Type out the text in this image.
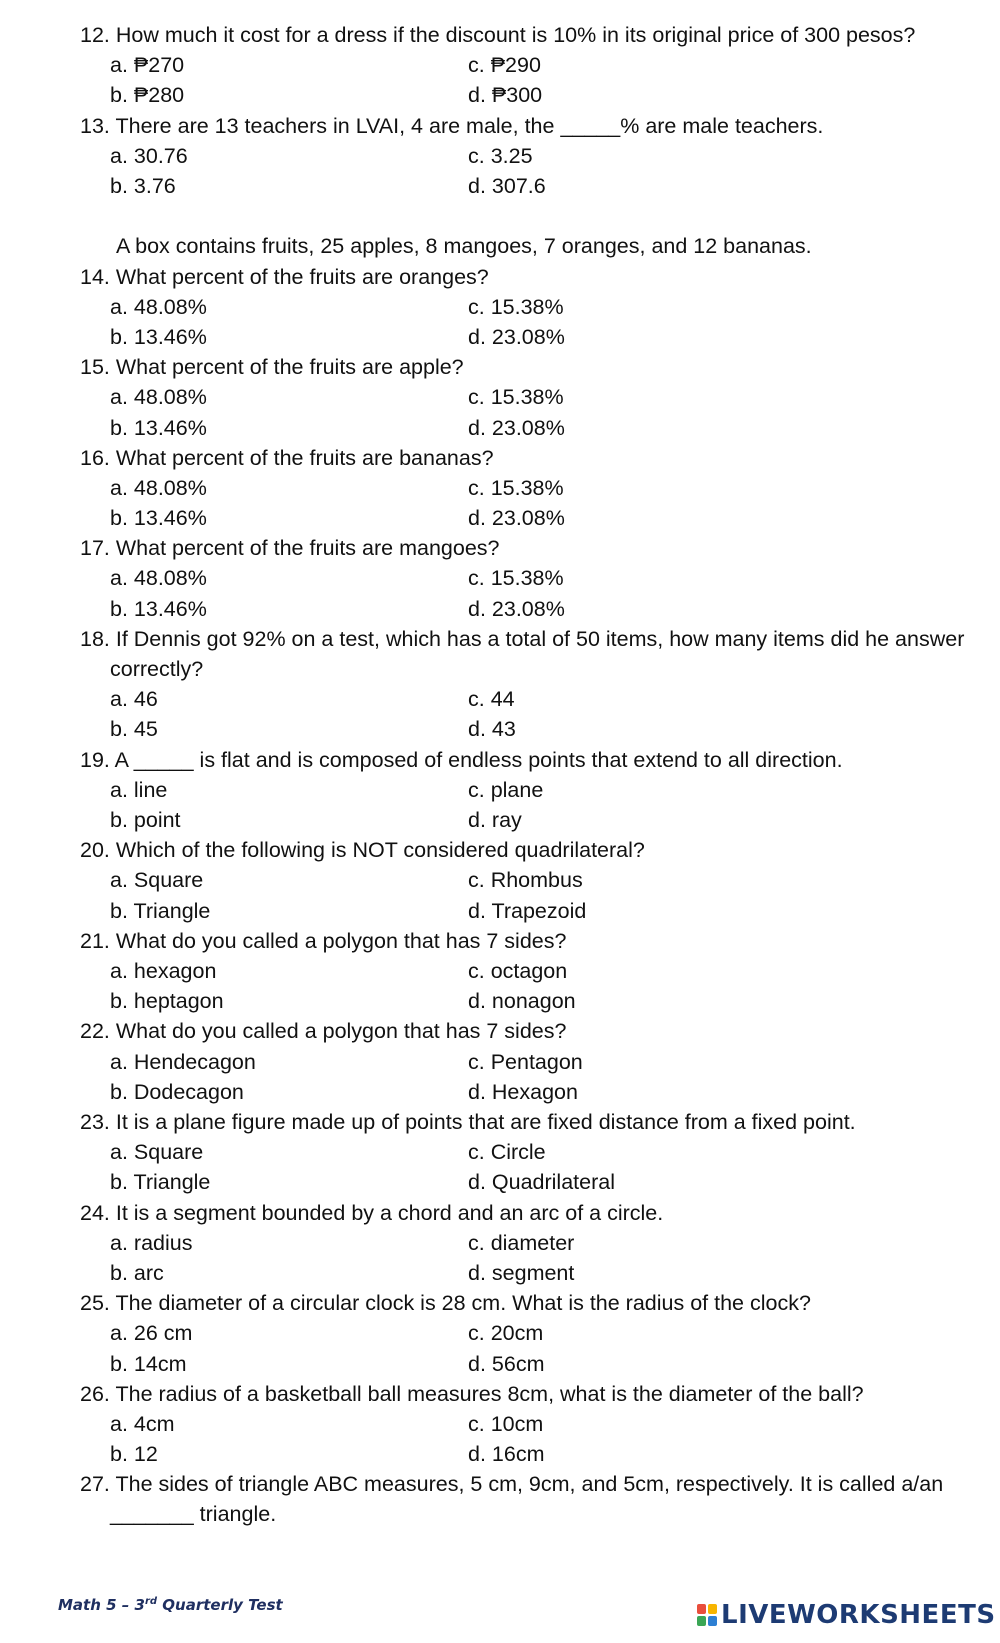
12. How much it cost for a dress if the discount is 10% in its original price of 300 pesos?
a. ₱270	c. ₱290
b. ₱280	d. ₱300
13. There are 13 teachers in LVAI, 4 are male, the _____% are male teachers.
a. 30.76	c. 3.25
b. 3.76	d. 307.6
A box contains fruits, 25 apples, 8 mangoes, 7 oranges, and 12 bananas.
14. What percent of the fruits are oranges?
a. 48.08%	c. 15.38%
b. 13.46%	d. 23.08%
15. What percent of the fruits are apple?
a. 48.08%	c. 15.38%
b. 13.46%	d. 23.08%
16. What percent of the fruits are bananas?
a. 48.08%	c. 15.38%
b. 13.46%	d. 23.08%
17. What percent of the fruits are mangoes?
a. 48.08%	c. 15.38%
b. 13.46%	d. 23.08%
18. If Dennis got 92% on a test, which has a total of 50 items, how many items did he answer correctly?
a. 46	c. 44
b. 45	d. 43
19. A _____ is flat and is composed of endless points that extend to all direction.
a. line	c. plane
b. point	d. ray
20. Which of the following is NOT considered quadrilateral?
a. Square	c. Rhombus
b. Triangle	d. Trapezoid
21. What do you called a polygon that has 7 sides?
a. hexagon	c. octagon
b. heptagon	d. nonagon
22. What do you called a polygon that has 7 sides?
a. Hendecagon	c. Pentagon
b. Dodecagon	d. Hexagon
23. It is a plane figure made up of points that are fixed distance from a fixed point.
a. Square	c. Circle
b. Triangle	d. Quadrilateral
24. It is a segment bounded by a chord and an arc of a circle.
a. radius	c. diameter
b. arc	d. segment
25. The diameter of a circular clock is 28 cm. What is the radius of the clock?
a. 26 cm	c. 20cm
b. 14cm	d. 56cm
26. The radius of a basketball ball measures 8cm, what is the diameter of the ball?
a. 4cm	c. 10cm
b. 12	d. 16cm
27. The sides of triangle ABC measures, 5 cm, 9cm, and 5cm, respectively. It is called a/an _______ triangle.
Math 5 – 3rd Quarterly Test	LIVEWORKSHEETS
